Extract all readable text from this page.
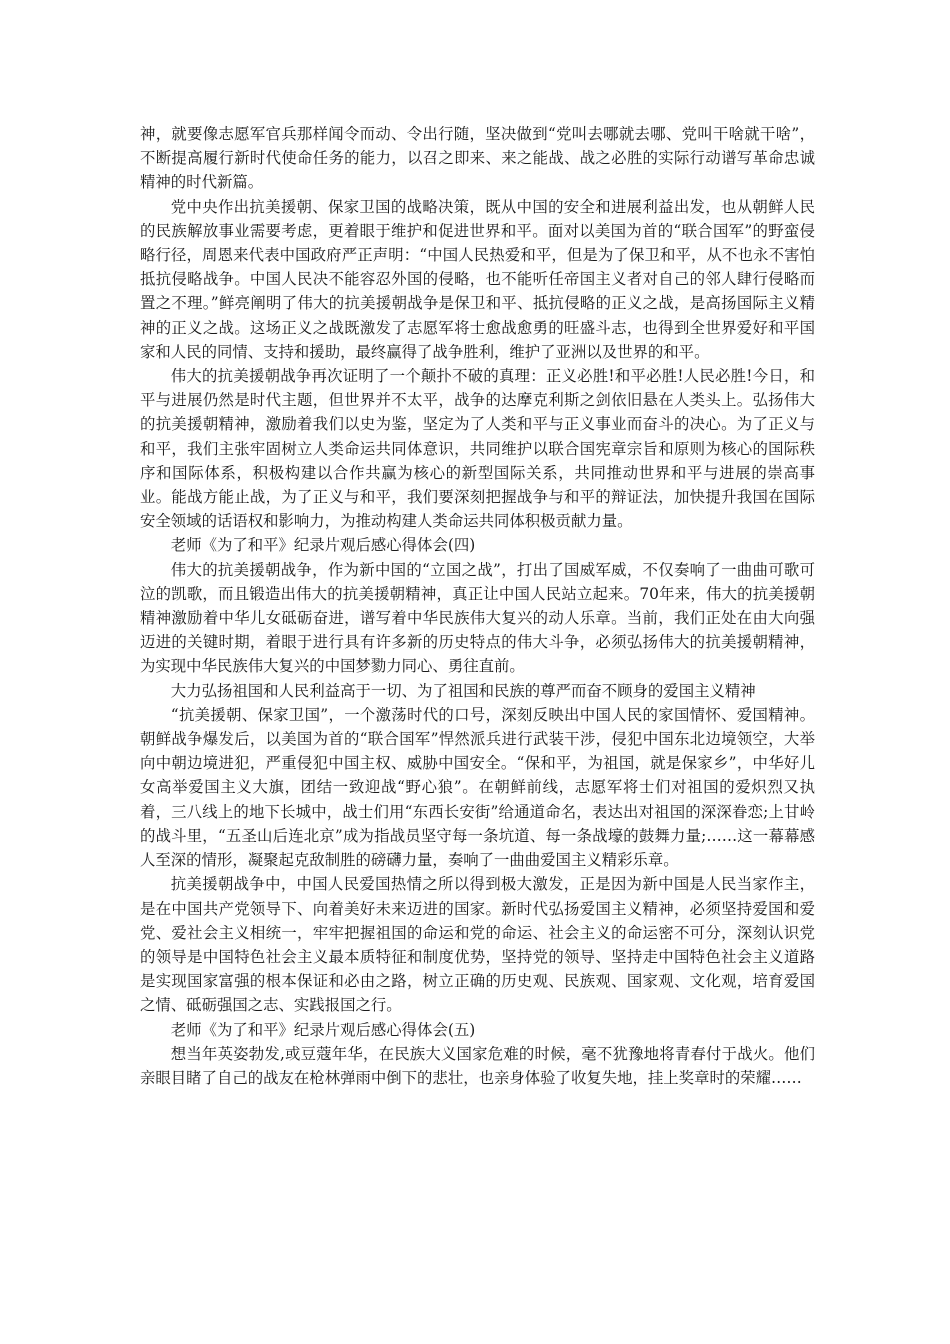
神，就要像志愿军官兵那样闻令而动、令出行随，坚决做到“党叫去哪就去哪、党叫干啥就干啥”，不断提高履行新时代使命任务的能力，以召之即来、来之能战、战之必胜的实际行动谱写革命忠诚精神的时代新篇。

党中央作出抗美援朝、保家卫国的战略决策，既从中国的安全和进展利益出发，也从朝鲜人民的民族解放事业需要考虑，更着眼于维护和促进世界和平。面对以美国为首的“联合国军”的野蛮侵略行径，周恩来代表中国政府严正声明：“中国人民热爱和平，但是为了保卫和平，从不也永不害怕抵抗侵略战争。中国人民决不能容忍外国的侵略，也不能听任帝国主义者对自己的邻人肆行侵略而置之不理。”鲜亮阐明了伟大的抗美援朝战争是保卫和平、抵抗侵略的正义之战，是高扬国际主义精神的正义之战。这场正义之战既激发了志愿军将士愈战愈勇的旺盛斗志，也得到全世界爱好和平国家和人民的同情、支持和援助，最终赢得了战争胜利，维护了亚洲以及世界的和平。

伟大的抗美援朝战争再次证明了一个颠扑不破的真理：正义必胜!和平必胜!人民必胜!今日，和平与进展仍然是时代主题，但世界并不太平，战争的达摩克利斯之剑依旧悬在人类头上。弘扬伟大的抗美援朝精神，激励着我们以史为鉴，坚定为了人类和平与正义事业而奋斗的决心。为了正义与和平，我们主张牢固树立人类命运共同体意识，共同维护以联合国宪章宗旨和原则为核心的国际秩序和国际体系，积极构建以合作共赢为核心的新型国际关系，共同推动世界和平与进展的崇高事业。能战方能止战，为了正义与和平，我们要深刻把握战争与和平的辩证法，加快提升我国在国际安全领域的话语权和影响力，为推动构建人类命运共同体积极贡献力量。

老师《为了和平》纪录片观后感心得体会(四)

伟大的抗美援朝战争，作为新中国的“立国之战”，打出了国威军威，不仅奏响了一曲曲可歌可泣的凯歌，而且锻造出伟大的抗美援朝精神，真正让中国人民站立起来。70年来，伟大的抗美援朝精神激励着中华儿女砥砺奋进，谱写着中华民族伟大复兴的动人乐章。当前，我们正处在由大向强迈进的关键时期，着眼于进行具有许多新的历史特点的伟大斗争，必须弘扬伟大的抗美援朝精神，为实现中华民族伟大复兴的中国梦勠力同心、勇往直前。

大力弘扬祖国和人民利益高于一切、为了祖国和民族的尊严而奋不顾身的爱国主义精神

“抗美援朝、保家卫国”，一个激荡时代的口号，深刻反映出中国人民的家国情怀、爱国精神。朝鲜战争爆发后，以美国为首的“联合国军”悍然派兵进行武装干涉，侵犯中国东北边境领空，大举向中朝边境进犯，严重侵犯中国主权、威胁中国安全。“保和平，为祖国，就是保家乡”，中华好儿女高举爱国主义大旗，团结一致迎战“野心狼”。在朝鲜前线，志愿军将士们对祖国的爱炽烈又执着，三八线上的地下长城中，战士们用“东西长安街”给通道命名，表达出对祖国的深深眷恋;上甘岭的战斗里，“五圣山后连北京”成为指战员坚守每一条坑道、每一条战壕的鼓舞力量;……这一幕幕感人至深的情形，凝聚起克敌制胜的磅礴力量，奏响了一曲曲爱国主义精彩乐章。

抗美援朝战争中，中国人民爱国热情之所以得到极大激发，正是因为新中国是人民当家作主，是在中国共产党领导下、向着美好未来迈进的国家。新时代弘扬爱国主义精神，必须坚持爱国和爱党、爱社会主义相统一，牢牢把握祖国的命运和党的命运、社会主义的命运密不可分，深刻认识党的领导是中国特色社会主义最本质特征和制度优势，坚持党的领导、坚持走中国特色社会主义道路是实现国家富强的根本保证和必由之路，树立正确的历史观、民族观、国家观、文化观，培育爱国之情、砥砺强国之志、实践报国之行。

老师《为了和平》纪录片观后感心得体会(五)

想当年英姿勃发,或豆蔻年华，在民族大义国家危难的时候，毫不犹豫地将青春付于战火。他们亲眼目睹了自己的战友在枪林弹雨中倒下的悲壮，也亲身体验了收复失地，挂上奖章时的荣耀……
